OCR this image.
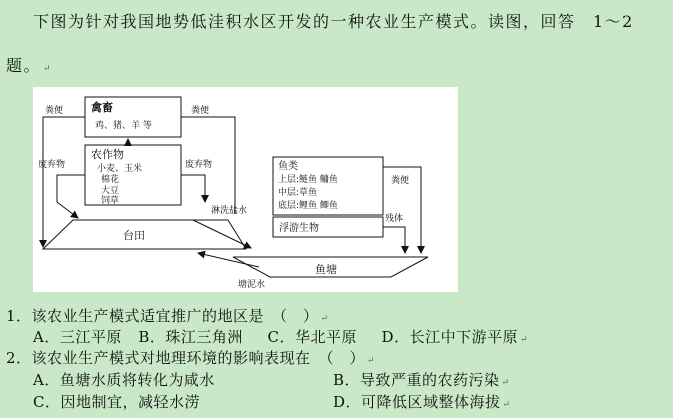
下图为针对我国地势低洼积水区开发的一种农业生产模式。读图，回答　1～2
题。 ↵
禽畜
鸡、猪、羊 等
农作物
小麦、玉米
棉花
大豆
饲草
鱼类
上层:鲢鱼 鳙鱼
中层:草鱼
底层:鲤鱼 鲫鱼
浮游生物
台田
鱼塘
粪便	粪便
废弃物	废弃物
淋洗盐水
塘泥水
粪便
残体
1．该农业生产模式适宜推广的地区是　（　） ↵
A．三江平原 B．珠江三角洲 C．华北平原 D．长江中下游平原 ↵
2．该农业生产模式对地理环境的影响表现在　（　） ↵
A．鱼塘水质将转化为咸水	B．导致严重的农药污染 ↵
C．因地制宜，减轻水涝	D．可降低区域整体海拔 ↵
